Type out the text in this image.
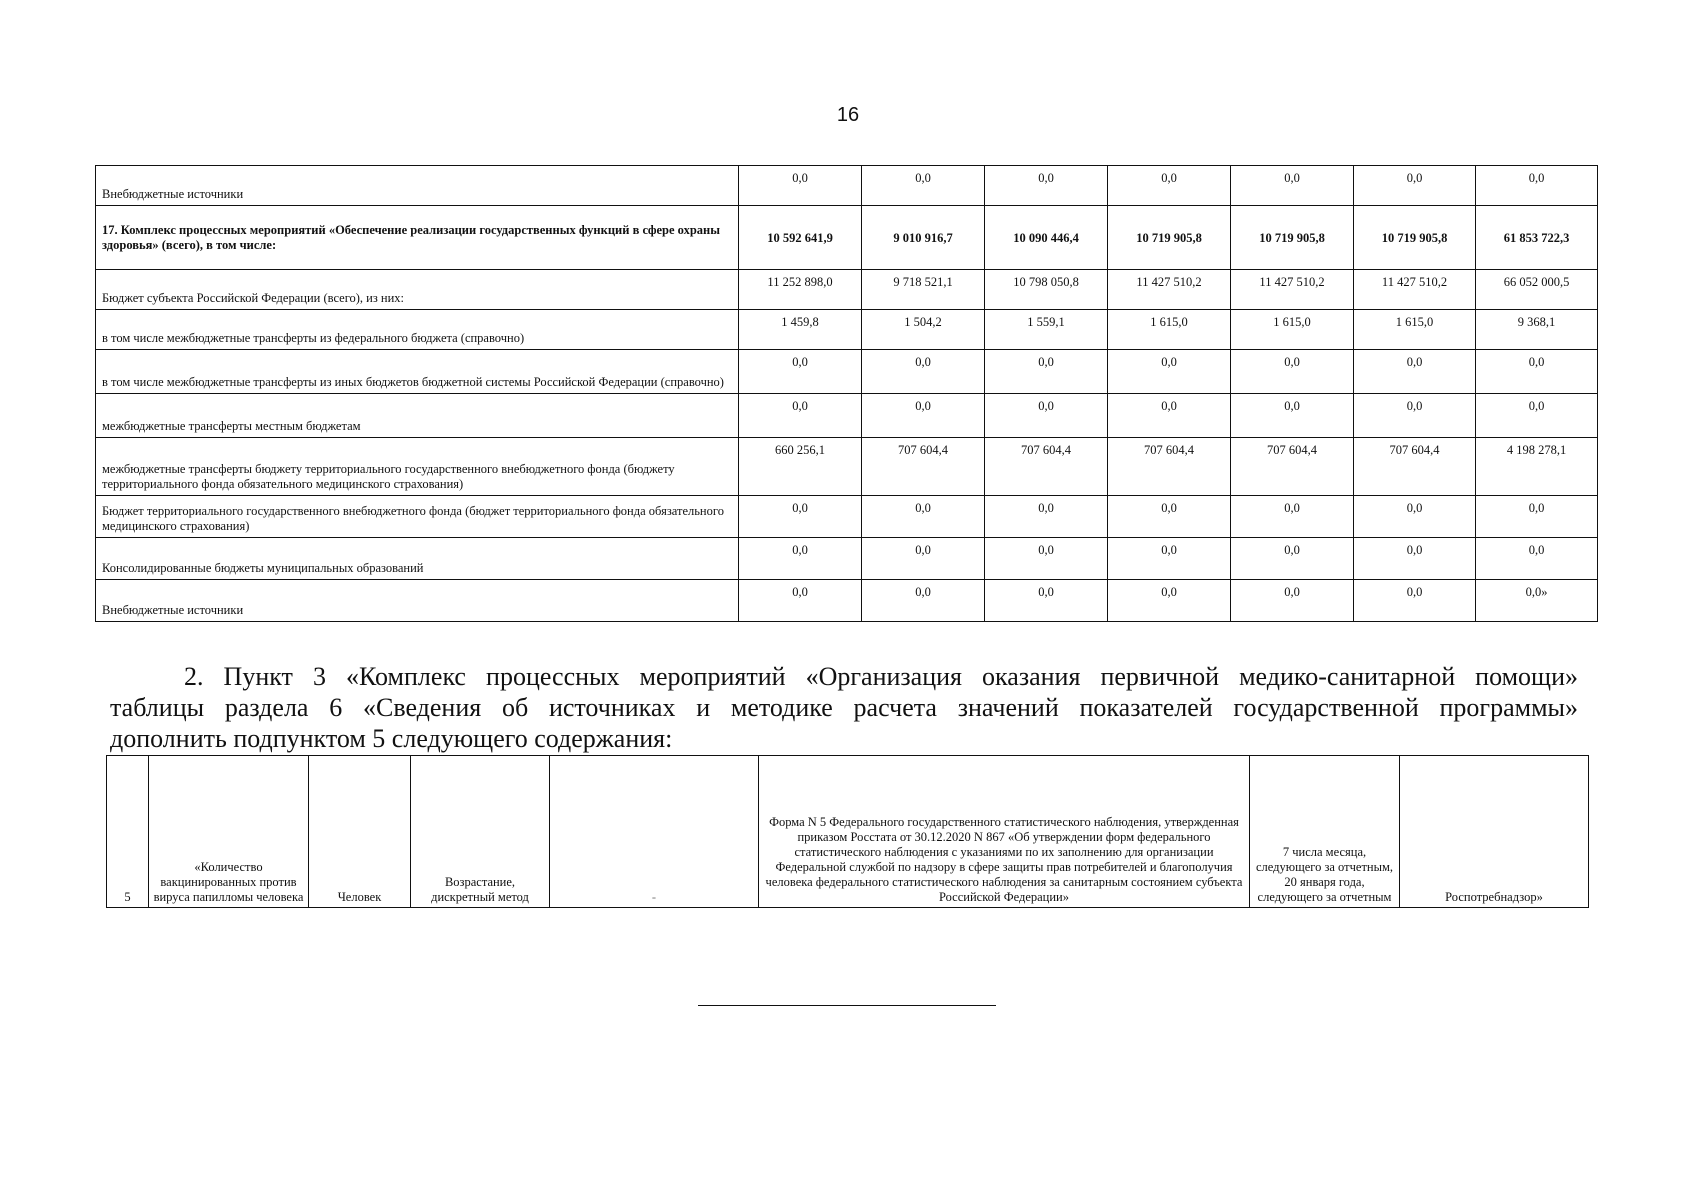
16
Внебюджетные источники	0,0	0,0	0,0	0,0	0,0	0,0	0,0
17. Комплекс процессных мероприятий «Обеспечение реализации государственных функций в сфере охраны здоровья» (всего), в том числе:	10 592 641,9	9 010 916,7	10 090 446,4	10 719 905,8	10 719 905,8	10 719 905,8	61 853 722,3
Бюджет субъекта Российской Федерации (всего), из них:	11 252 898,0	9 718 521,1	10 798 050,8	11 427 510,2	11 427 510,2	11 427 510,2	66 052 000,5
в том числе межбюджетные трансферты из федерального бюджета (справочно)	1 459,8	1 504,2	1 559,1	1 615,0	1 615,0	1 615,0	9 368,1
в том числе межбюджетные трансферты из иных бюджетов бюджетной системы Российской Федерации (справочно)	0,0	0,0	0,0	0,0	0,0	0,0	0,0
межбюджетные трансферты местным бюджетам	0,0	0,0	0,0	0,0	0,0	0,0	0,0
межбюджетные трансферты бюджету территориального государственного внебюджетного фонда (бюджету территориального фонда обязательного медицинского страхования)	660 256,1	707 604,4	707 604,4	707 604,4	707 604,4	707 604,4	4 198 278,1
Бюджет территориального государственного внебюджетного фонда (бюджет территориального фонда обязательного медицинского страхования)	0,0	0,0	0,0	0,0	0,0	0,0	0,0
Консолидированные бюджеты муниципальных образований	0,0	0,0	0,0	0,0	0,0	0,0	0,0
Внебюджетные источники	0,0	0,0	0,0	0,0	0,0	0,0	0,0»
2. Пункт 3 «Комплекс процессных мероприятий «Организация оказания первичной медико-санитарной помощи»
таблицы раздела 6 «Сведения об источниках и методике расчета значений показателей государственной программы»
дополнить подпунктом 5 следующего содержания:
5	«Количество вакцинированных против вируса папилломы человека	Человек	Возрастание, дискретный метод	-	Форма N 5 Федерального государственного статистического наблюдения, утвержденная приказом Росстата от 30.12.2020 N 867 «Об утверждении форм федерального статистического наблюдения с указаниями по их заполнению для организации Федеральной службой по надзору в сфере защиты прав потребителей и благополучия человека федерального статистического наблюдения за санитарным состоянием субъекта Российской Федерации»	7 числа месяца, следующего за отчетным, 20 января года, следующего за отчетным	Роспотребнадзор»
